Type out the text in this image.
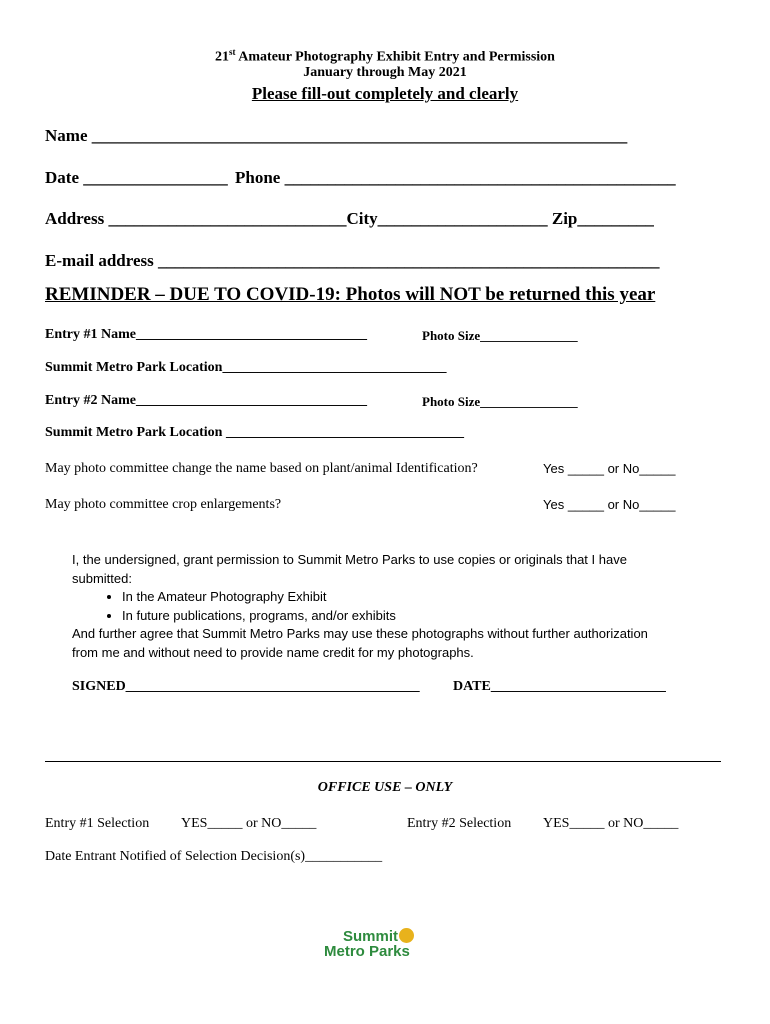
21st Amateur Photography Exhibit Entry and Permission
January through May 2021
Please fill-out completely and clearly
Name _______________________________________________________________
Date _________________ Phone ______________________________________________
Address ____________________________City____________________ Zip_________
E-mail address ___________________________________________________________
REMINDER – DUE TO COVID-19: Photos will NOT be returned this year
Entry #1 Name_________________________________	Photo Size_______________
Summit Metro Park Location________________________________
Entry #2 Name_________________________________	Photo Size_______________
Summit Metro Park Location __________________________________
May photo committee change the name based on plant/animal Identification?	Yes _____ or No_____
May photo committee crop enlargements?	Yes _____ or No_____
I, the undersigned, grant permission to Summit Metro Parks to use copies or originals that I have submitted:
• In the Amateur Photography Exhibit
• In future publications, programs, and/or exhibits
And further agree that Summit Metro Parks may use these photographs without further authorization from me and without need to provide name credit for my photographs.
SIGNED__________________________________________ DATE_________________________
OFFICE USE – ONLY
Entry #1 Selection YES_____ or NO_____	Entry #2 Selection YES_____ or NO_____
Date Entrant Notified of Selection Decision(s)___________
Summit
Metro Parks
